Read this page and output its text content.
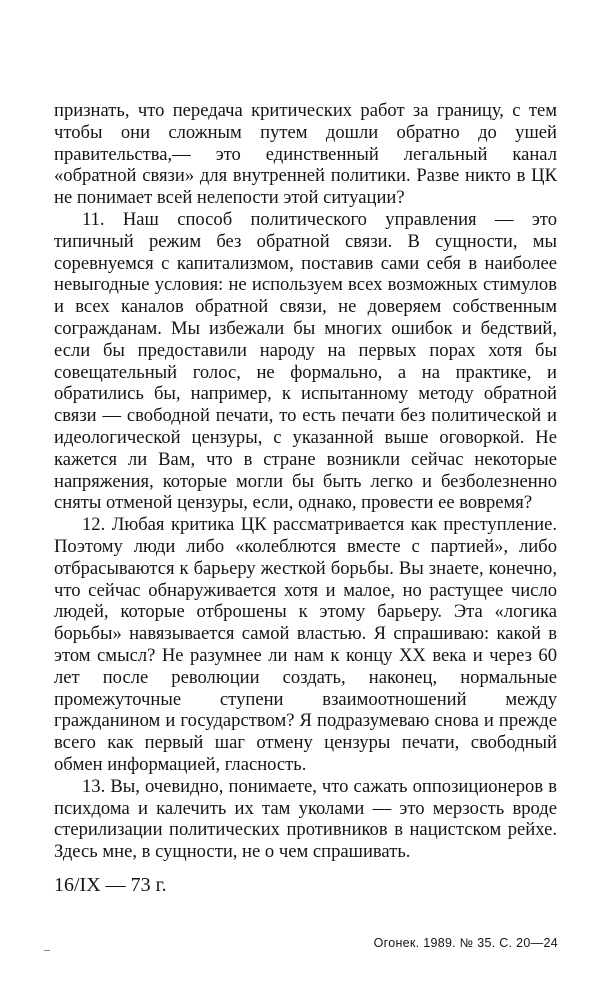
признать, что передача критических работ за границу, с тем чтобы они сложным путем дошли обратно до ушей правительства,— это единственный легальный канал «обратной связи» для внутренней политики. Разве никто в ЦК не понимает всей нелепости этой ситуации?

11. Наш способ политического управления — это типичный режим без обратной связи. В сущности, мы соревнуемся с капитализмом, поставив сами себя в наиболее невыгодные условия: не используем всех возможных стимулов и всех каналов обратной связи, не доверяем собственным согражданам. Мы избежали бы многих ошибок и бедствий, если бы предоставили народу на первых порах хотя бы совещательный голос, не формально, а на практике, и обратились бы, например, к испытанному методу обратной связи — свободной печати, то есть печати без политической и идеологической цензуры, с указанной выше оговоркой. Не кажется ли Вам, что в стране возникли сейчас некоторые напряжения, которые могли бы быть легко и безболезненно сняты отменой цензуры, если, однако, провести ее вовремя?

12. Любая критика ЦК рассматривается как преступление. Поэтому люди либо «колеблются вместе с партией», либо отбрасываются к барьеру жесткой борьбы. Вы знаете, конечно, что сейчас обнаруживается хотя и малое, но растущее число людей, которые отброшены к этому барьеру. Эта «логика борьбы» навязывается самой властью. Я спрашиваю: какой в этом смысл? Не разумнее ли нам к концу XX века и через 60 лет после революции создать, наконец, нормальные промежуточные ступени взаимоотношений между гражданином и государством? Я подразумеваю снова и прежде всего как первый шаг отмену цензуры печати, свободный обмен информацией, гласность.

13. Вы, очевидно, понимаете, что сажать оппозиционеров в психдома и калечить их там уколами — это мерзость вроде стерилизации политических противников в нацистском рейхе. Здесь мне, в сущности, не о чем спрашивать.

16/IX — 73 г.
Огонек. 1989. № 35. С. 20—24
